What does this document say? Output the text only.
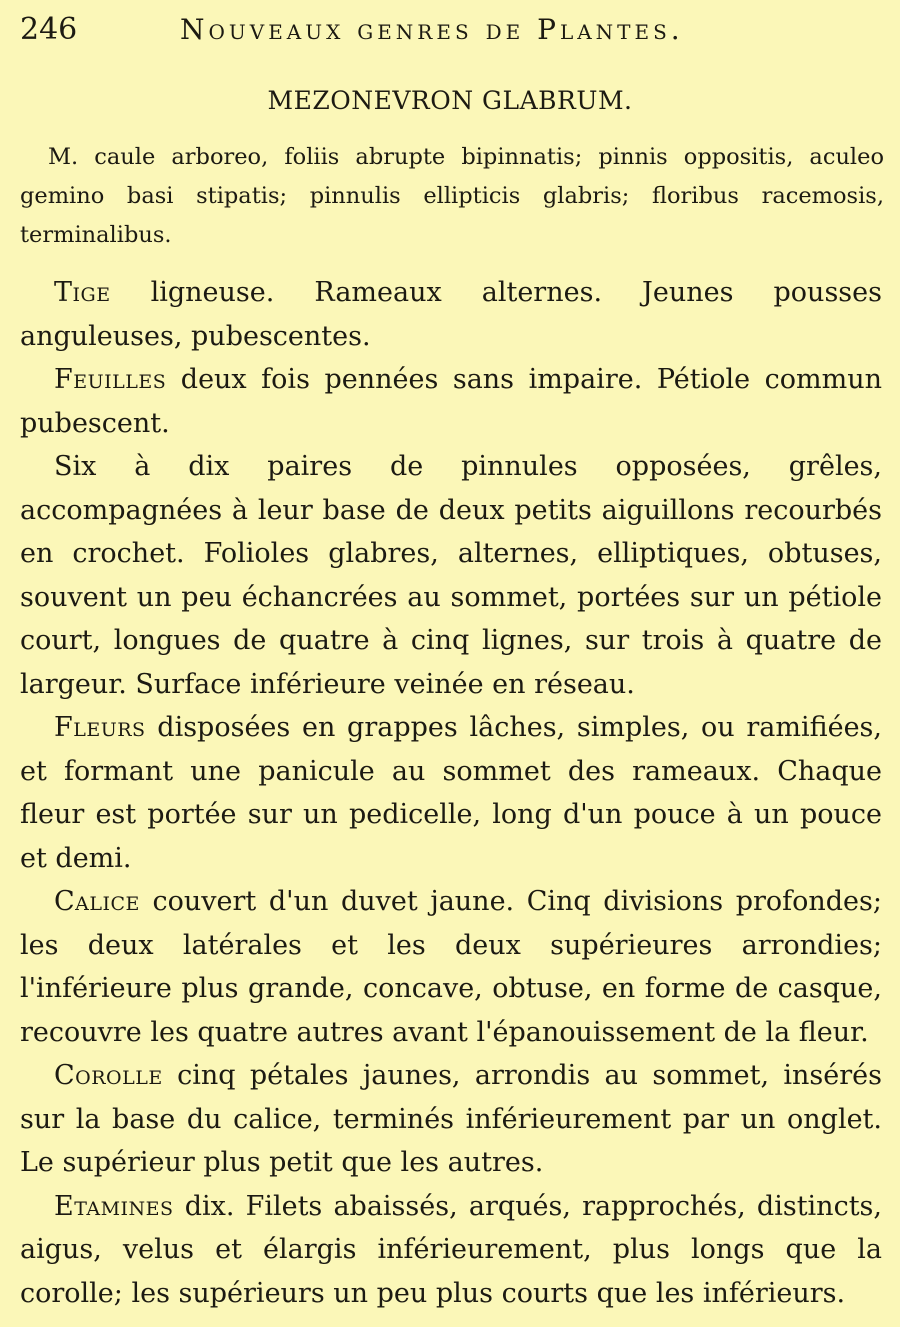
246	Nouveaux genres de Plantes.
MEZONEVRON GLABRUM.

M. caule arboreo, foliis abrupte bipinnatis; pinnis oppositis, aculeo gemino basi stipatis; pinnulis ellipticis glabris; floribus racemosis, terminalibus.

Tige ligneuse. Rameaux alternes. Jeunes pousses anguleuses, pubescentes.

Feuilles deux fois pennées sans impaire. Pétiole commun pubescent.

Six à dix paires de pinnules opposées, grêles, accompagnées à leur base de deux petits aiguillons recourbés en crochet. Folioles glabres, alternes, elliptiques, obtuses, souvent un peu échancrées au sommet, portées sur un pétiole court, longues de quatre à cinq lignes, sur trois à quatre de largeur. Surface inférieure veinée en réseau.

Fleurs disposées en grappes lâches, simples, ou ramifiées, et formant une panicule au sommet des rameaux. Chaque fleur est portée sur un pedicelle, long d'un pouce à un pouce et demi.

Calice couvert d'un duvet jaune. Cinq divisions profondes; les deux latérales et les deux supérieures arrondies; l'inférieure plus grande, concave, obtuse, en forme de casque, recouvre les quatre autres avant l'épanouissement de la fleur.

Corolle cinq pétales jaunes, arrondis au sommet, insérés sur la base du calice, terminés inférieurement par un onglet. Le supérieur plus petit que les autres.

Etamines dix. Filets abaissés, arqués, rapprochés, distincts, aigus, velus et élargis inférieurement, plus longs que la corolle; les supérieurs un peu plus courts que les inférieurs.
